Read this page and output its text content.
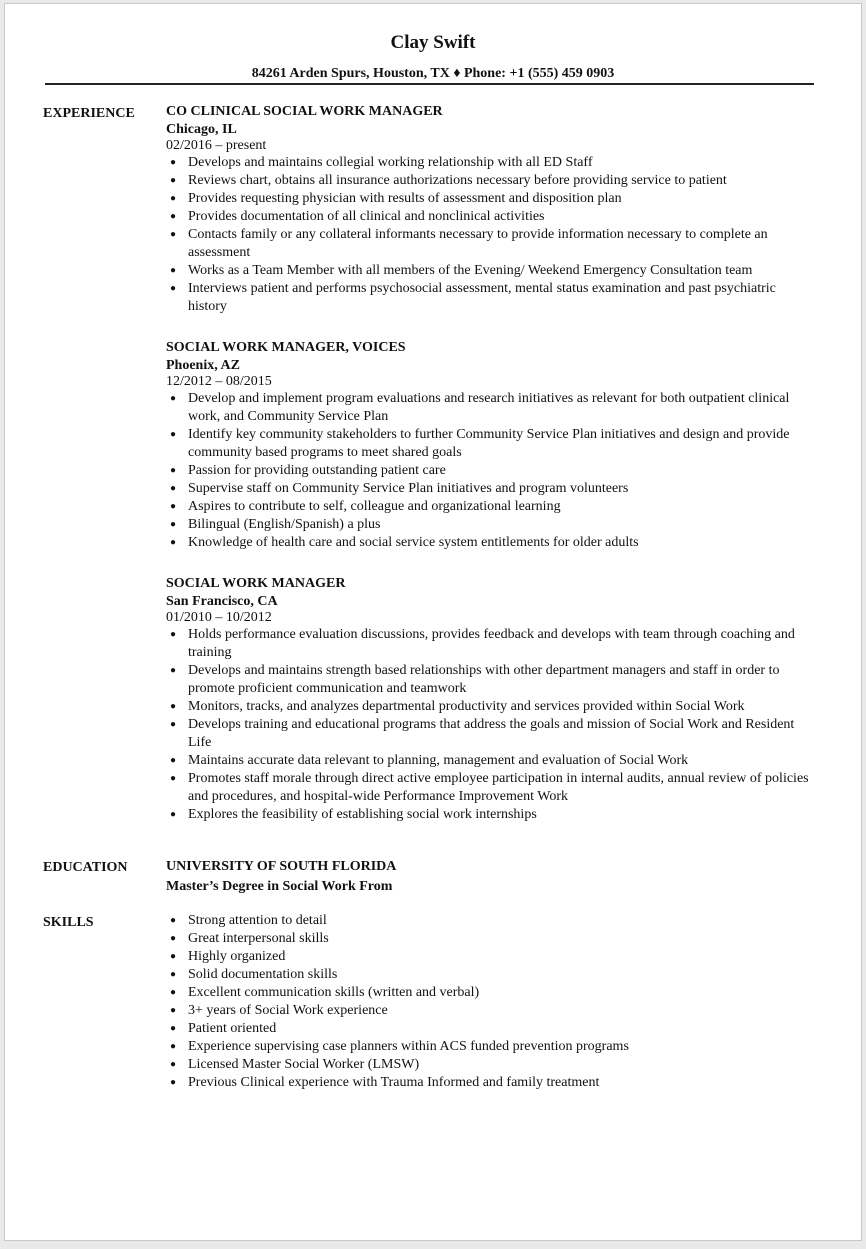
Clay Swift
84261 Arden Spurs, Houston, TX ♦ Phone: +1 (555) 459 0903
EXPERIENCE CO CLINICAL SOCIAL WORK MANAGER
Chicago, IL
02/2016 – present
● Develops and maintains collegial working relationship with all ED Staff
● Reviews chart, obtains all insurance authorizations necessary before providing service to patient
● Provides requesting physician with results of assessment and disposition plan
● Provides documentation of all clinical and nonclinical activities
● Contacts family or any collateral informants necessary to provide information necessary to complete an assessment
● Works as a Team Member with all members of the Evening/ Weekend Emergency Consultation team
● Interviews patient and performs psychosocial assessment, mental status examination and past psychiatric history
SOCIAL WORK MANAGER, VOICES
Phoenix, AZ
12/2012 – 08/2015
● Develop and implement program evaluations and research initiatives as relevant for both outpatient clinical work, and Community Service Plan
● Identify key community stakeholders to further Community Service Plan initiatives and design and provide community based programs to meet shared goals
● Passion for providing outstanding patient care
● Supervise staff on Community Service Plan initiatives and program volunteers
● Aspires to contribute to self, colleague and organizational learning
● Bilingual (English/Spanish) a plus
● Knowledge of health care and social service system entitlements for older adults
SOCIAL WORK MANAGER
San Francisco, CA
01/2010 – 10/2012
● Holds performance evaluation discussions, provides feedback and develops with team through coaching and training
● Develops and maintains strength based relationships with other department managers and staff in order to promote proficient communication and teamwork
● Monitors, tracks, and analyzes departmental productivity and services provided within Social Work
● Develops training and educational programs that address the goals and mission of Social Work and Resident Life
● Maintains accurate data relevant to planning, management and evaluation of Social Work
● Promotes staff morale through direct active employee participation in internal audits, annual review of policies and procedures, and hospital-wide Performance Improvement Work
● Explores the feasibility of establishing social work internships
EDUCATION	UNIVERSITY OF SOUTH FLORIDA
Master’s Degree in Social Work From
SKILLS	● Strong attention to detail
● Great interpersonal skills
● Highly organized
● Solid documentation skills
● Excellent communication skills (written and verbal)
● 3+ years of Social Work experience
● Patient oriented
● Experience supervising case planners within ACS funded prevention programs
● Licensed Master Social Worker (LMSW)
● Previous Clinical experience with Trauma Informed and family treatment
